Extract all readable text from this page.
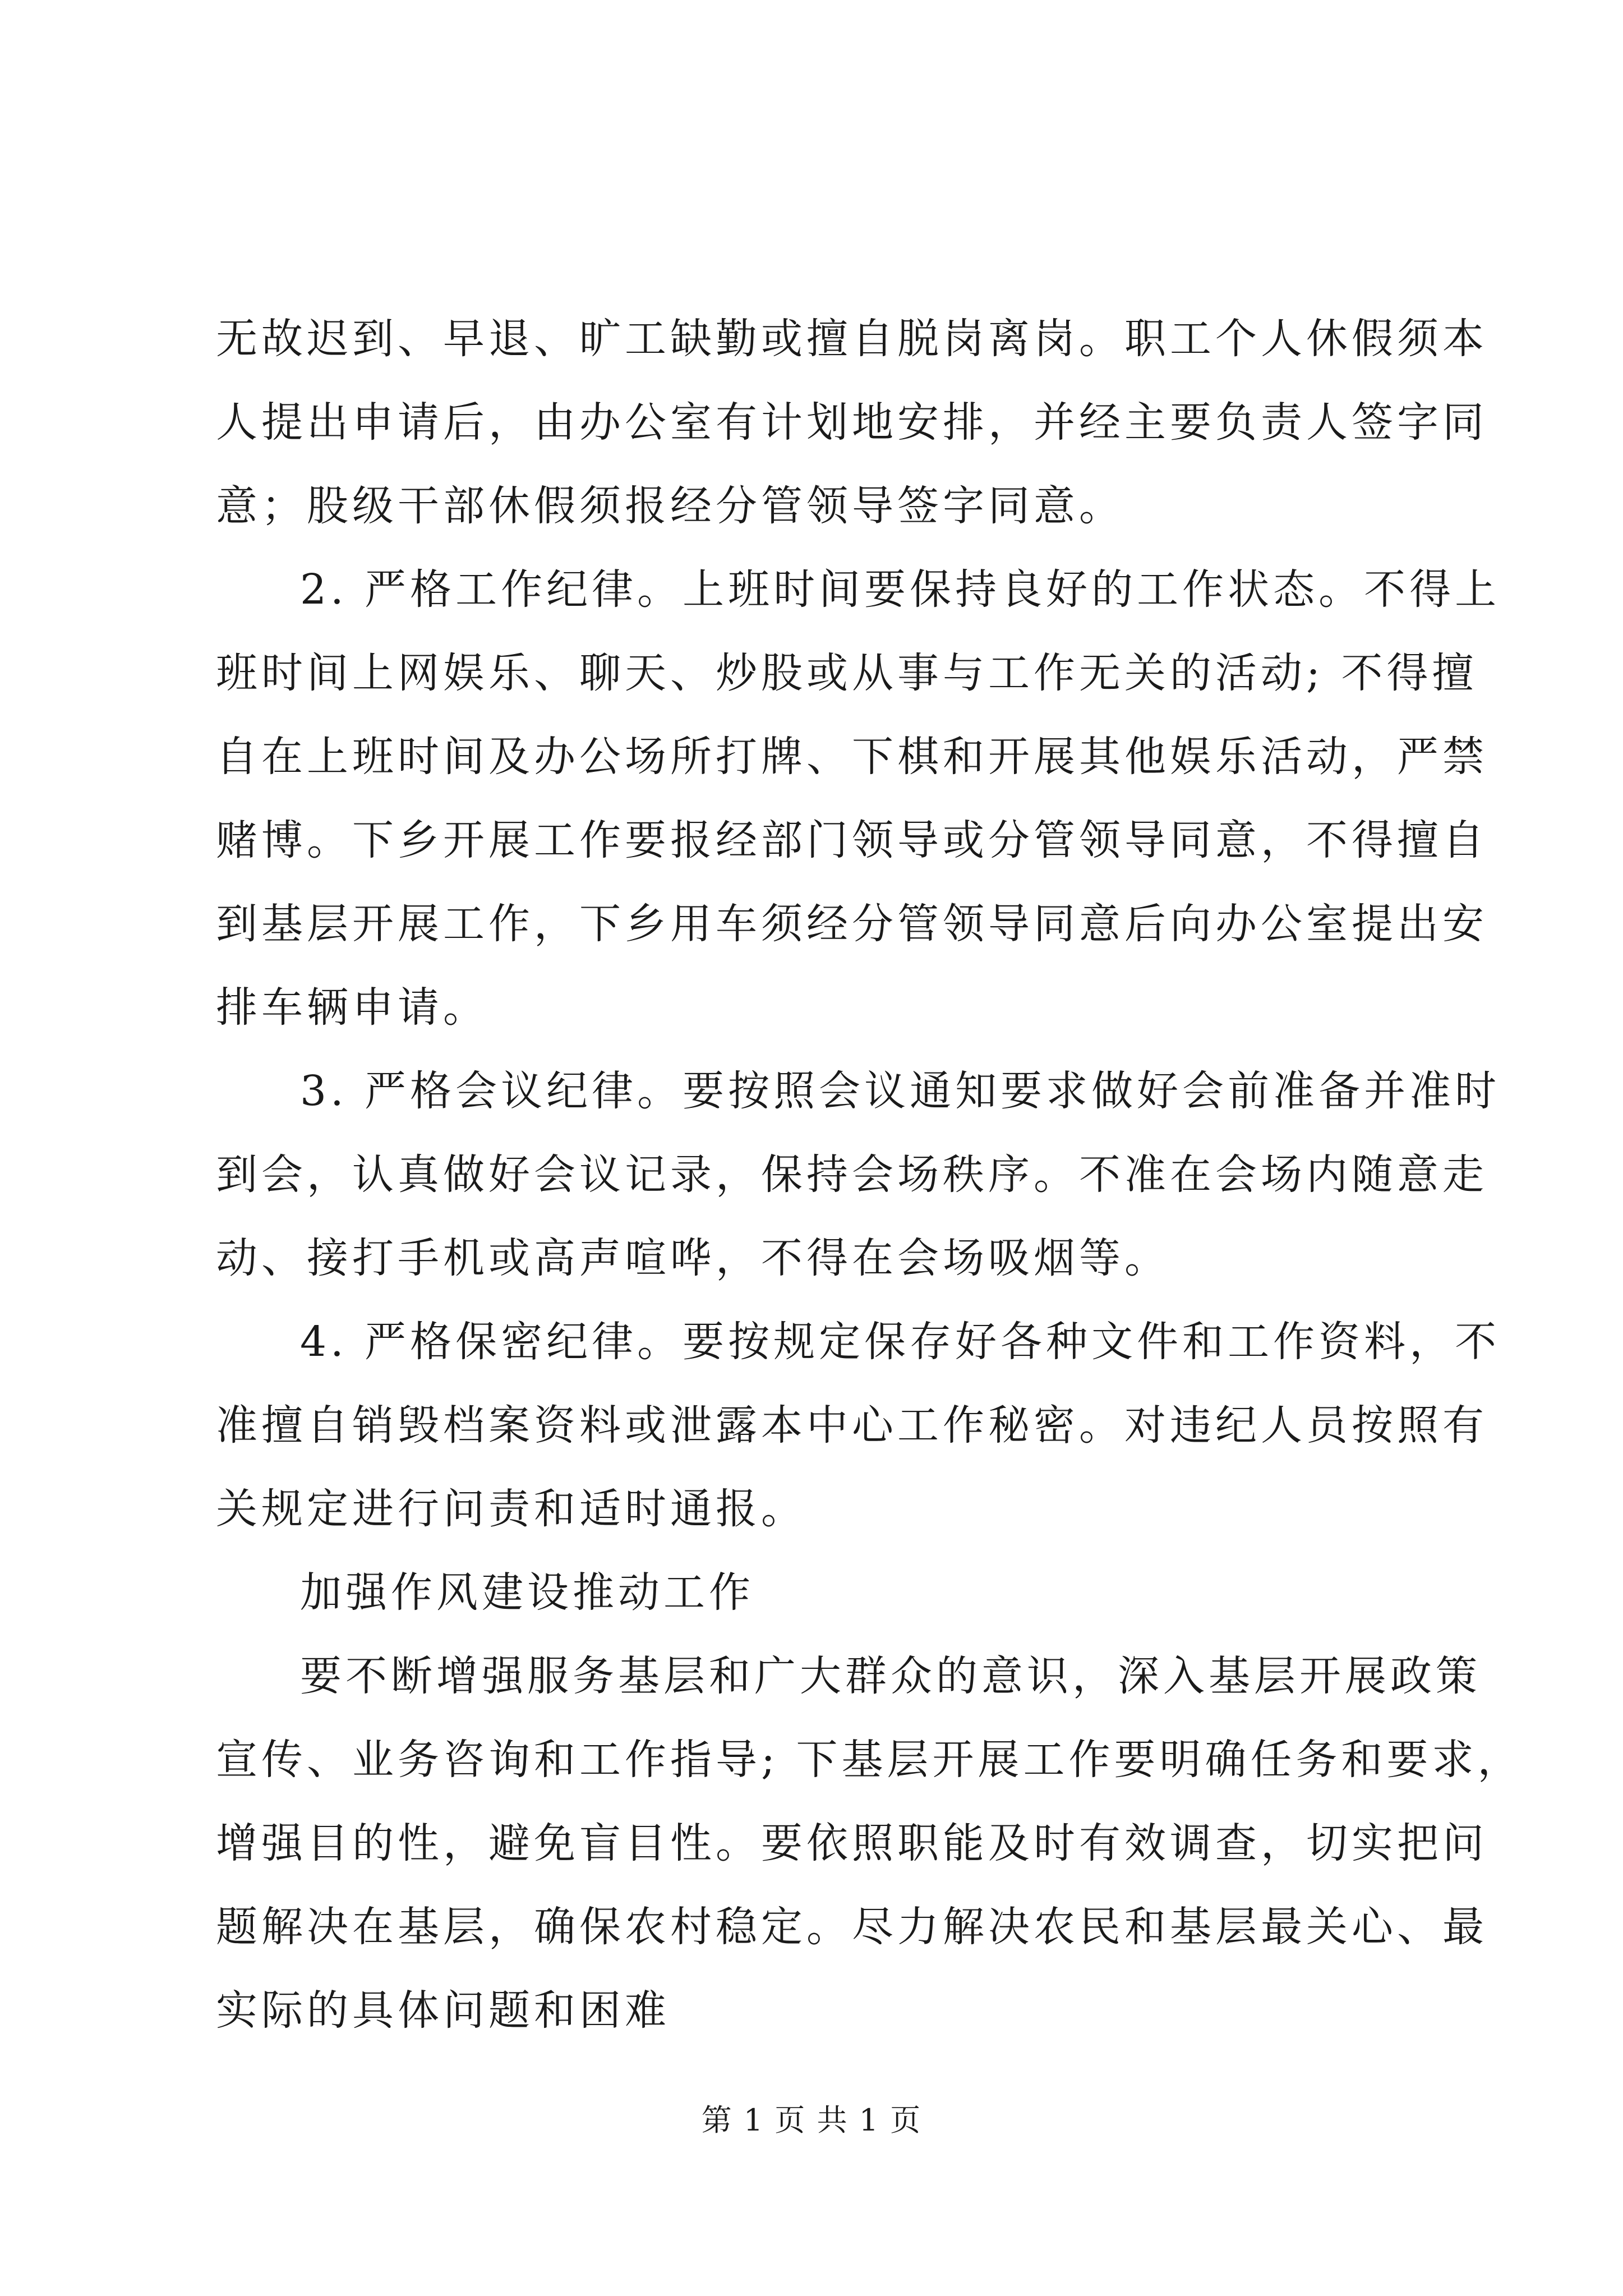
无故迟到、早退、旷工缺勤或擅自脱岗离岗。职工个人休假须本
人提出申请后，由办公室有计划地安排，并经主要负责人签字同
意；股级干部休假须报经分管领导签字同意。
2. 严格工作纪律。上班时间要保持良好的工作状态。不得上
班时间上网娱乐、聊天、炒股或从事与工作无关的活动; 不得擅
自在上班时间及办公场所打牌、下棋和开展其他娱乐活动，严禁
赌博。下乡开展工作要报经部门领导或分管领导同意，不得擅自
到基层开展工作，下乡用车须经分管领导同意后向办公室提出安
排车辆申请。
3. 严格会议纪律。要按照会议通知要求做好会前准备并准时
到会，认真做好会议记录，保持会场秩序。不准在会场内随意走
动、接打手机或高声喧哗，不得在会场吸烟等。
4. 严格保密纪律。要按规定保存好各种文件和工作资料，不
准擅自销毁档案资料或泄露本中心工作秘密。对违纪人员按照有
关规定进行问责和适时通报。
加强作风建设推动工作
要不断增强服务基层和广大群众的意识，深入基层开展政策
宣传、业务咨询和工作指导; 下基层开展工作要明确任务和要求，
增强目的性，避免盲目性。要依照职能及时有效调查，切实把问
题解决在基层，确保农村稳定。尽力解决农民和基层最关心、最
实际的具体问题和困难
第 1 页 共 1 页
